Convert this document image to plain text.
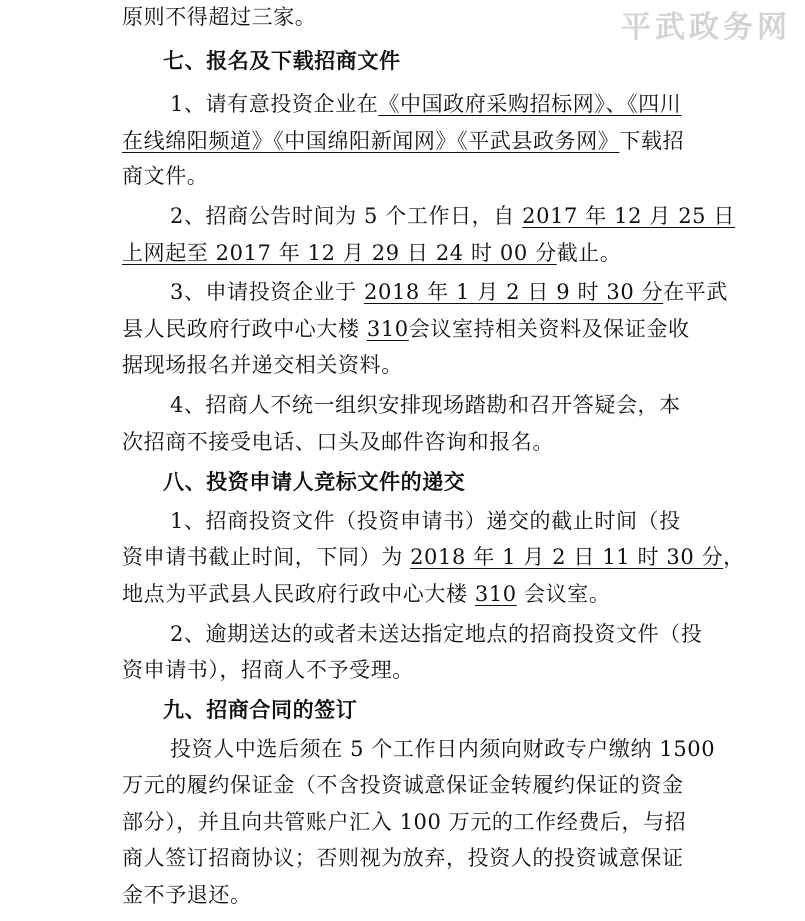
平武政务网
原则不得超过三家。
七、报名及下载招商文件
1、请有意投资企业在《中国政府采购招标网》、《四川
在线绵阳频道》《中国绵阳新闻网》《平武县政务网》下载招
商文件。
2、招商公告时间为 5 个工作日，自 2017 年 12 月 25 日
上网起至 2017 年 12 月 29 日 24 时 00 分截止。
3、申请投资企业于 2018 年 1 月 2 日 9 时 30 分在平武
县人民政府行政中心大楼 310会议室持相关资料及保证金收
据现场报名并递交相关资料。
4、招商人不统一组织安排现场踏勘和召开答疑会，本
次招商不接受电话、口头及邮件咨询和报名。
八、投资申请人竞标文件的递交
1、招商投资文件（投资申请书）递交的截止时间（投
资申请书截止时间，下同）为 2018 年 1 月 2 日 11 时 30 分，
地点为平武县人民政府行政中心大楼 310 会议室。
2、逾期送达的或者未送达指定地点的招商投资文件（投
资申请书），招商人不予受理。
九、招商合同的签订
投资人中选后须在 5 个工作日内须向财政专户缴纳 1500
万元的履约保证金（不含投资诚意保证金转履约保证的资金
部分），并且向共管账户汇入 100 万元的工作经费后，与招
商人签订招商协议；否则视为放弃，投资人的投资诚意保证
金不予退还。
